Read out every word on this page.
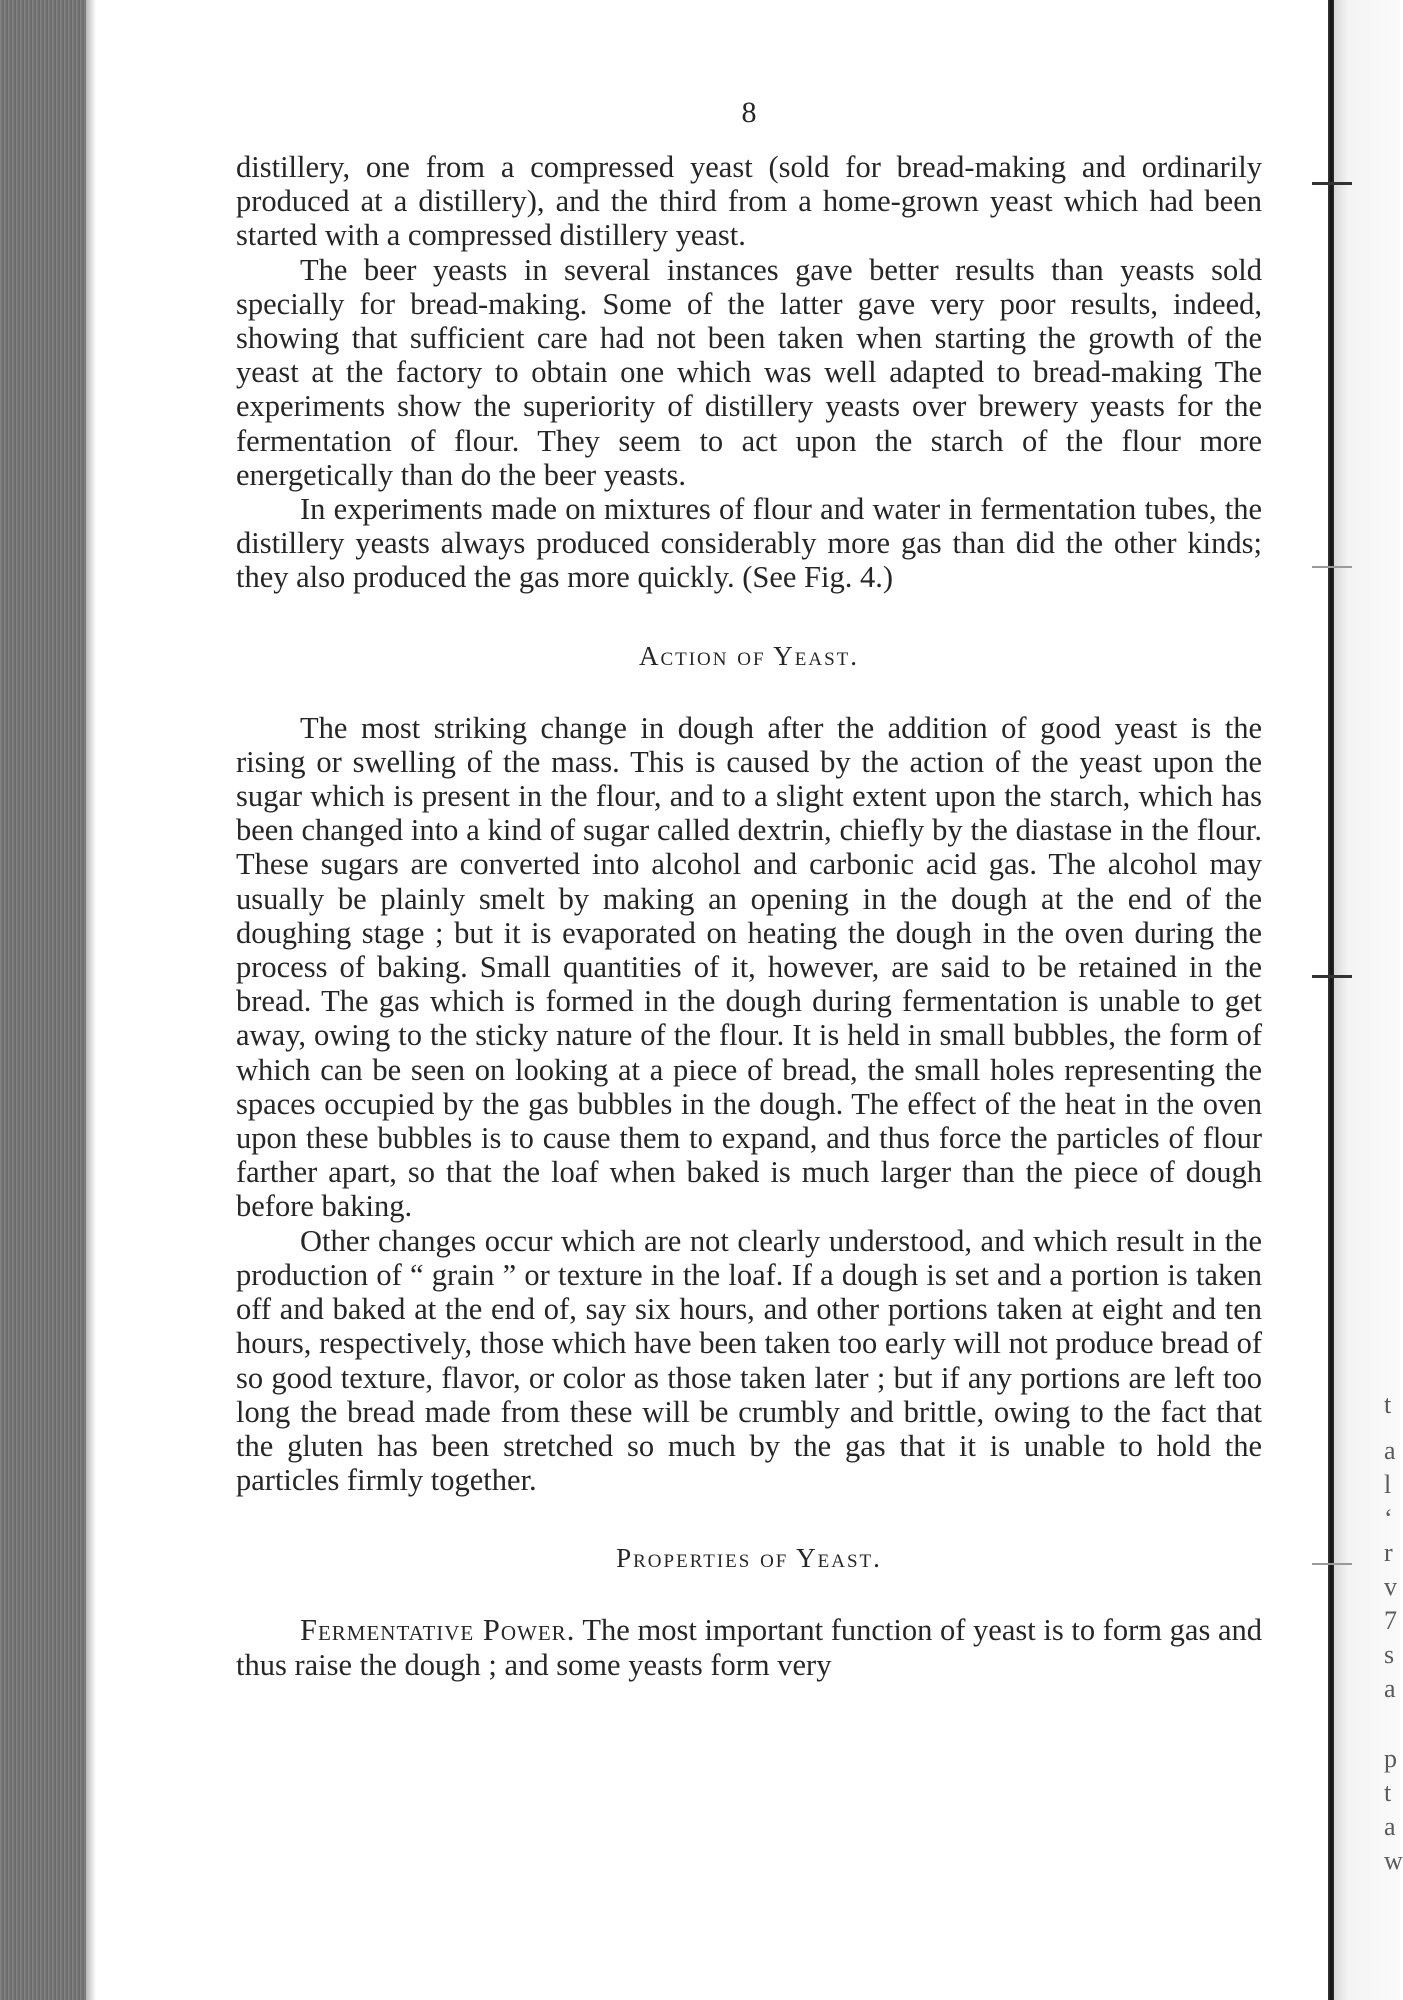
t
a
l
‘
r
v
7
s
a
p
t
a
w
8

distillery, one from a compressed yeast (sold for bread-making and ordinarily produced at a distillery), and the third from a home-grown yeast which had been started with a compressed distillery yeast.

The beer yeasts in several instances gave better results than yeasts sold specially for bread-making. Some of the latter gave very poor results, indeed, showing that sufficient care had not been taken when starting the growth of the yeast at the factory to obtain one which was well adapted to bread-making The experiments show the superiority of distillery yeasts over brewery yeasts for the fermentation of flour. They seem to act upon the starch of the flour more energetically than do the beer yeasts.

In experiments made on mixtures of flour and water in fermentation tubes, the distillery yeasts always produced considerably more gas than did the other kinds; they also produced the gas more quickly. (See Fig. 4.)

Action of Yeast.

The most striking change in dough after the addition of good yeast is the rising or swelling of the mass. This is caused by the action of the yeast upon the sugar which is present in the flour, and to a slight extent upon the starch, which has been changed into a kind of sugar called dextrin, chiefly by the diastase in the flour. These sugars are converted into alcohol and carbonic acid gas. The alcohol may usually be plainly smelt by making an opening in the dough at the end of the doughing stage ; but it is evaporated on heating the dough in the oven during the process of baking. Small quantities of it, however, are said to be retained in the bread. The gas which is formed in the dough during fermentation is unable to get away, owing to the sticky nature of the flour. It is held in small bubbles, the form of which can be seen on looking at a piece of bread, the small holes representing the spaces occupied by the gas bubbles in the dough. The effect of the heat in the oven upon these bubbles is to cause them to expand, and thus force the particles of flour farther apart, so that the loaf when baked is much larger than the piece of dough before baking.

Other changes occur which are not clearly understood, and which result in the production of “ grain ” or texture in the loaf. If a dough is set and a portion is taken off and baked at the end of, say six hours, and other portions taken at eight and ten hours, respectively, those which have been taken too early will not produce bread of so good texture, flavor, or color as those taken later ; but if any portions are left too long the bread made from these will be crumbly and brittle, owing to the fact that the gluten has been stretched so much by the gas that it is unable to hold the particles firmly together.

Properties of Yeast.

Fermentative Power. The most important function of yeast is to form gas and thus raise the dough ; and some yeasts form very
